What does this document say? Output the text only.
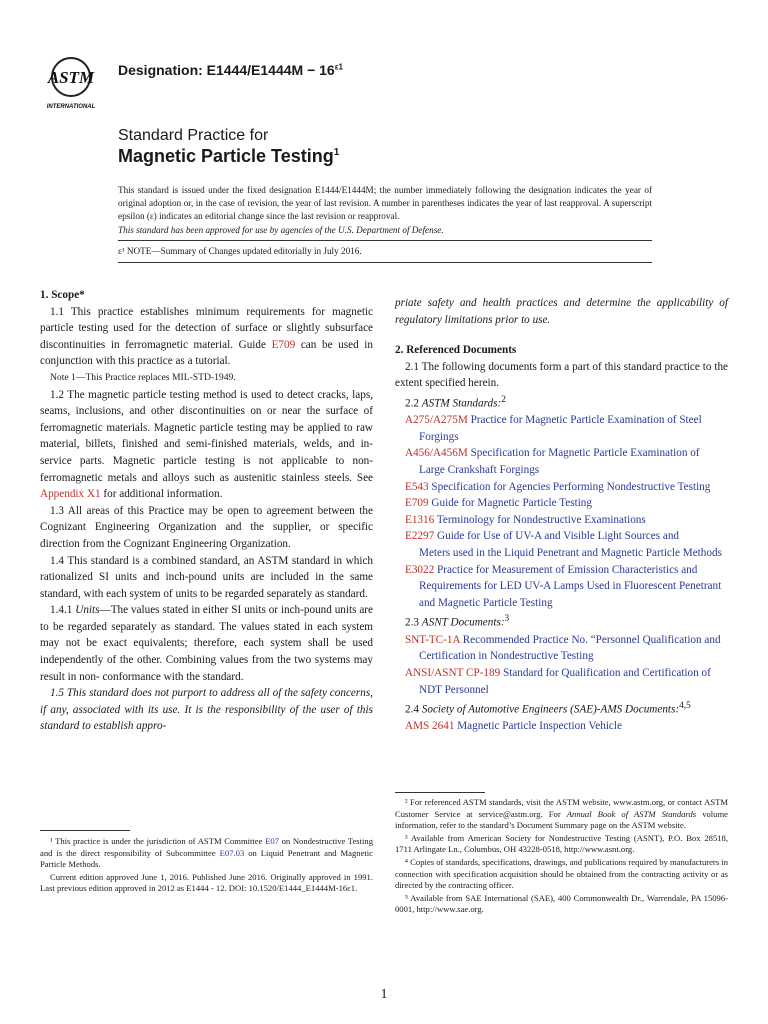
ASTM
INTERNATIONAL
Designation: $E1444/E1444M - 16^{\varepsilon 1}$
Standard Practice for
Magnetic Particle Testing$^1$
This standard is issued under the fixed designation E1444/E1444M; the number immediately following the designation indicates the year of original adoption or, in the case of revision, the year of last revision. A number in parentheses indicates the year of last reapproval. A superscript epsilon (ε) indicates an editorial change since the last revision or reapproval.
This standard has been approved for use by agencies of the U.S. Department of Defense.
ε¹ NOTE—Summary of Changes updated editorially in July 2016.

1. Scope*

1.1 This practice establishes minimum requirements for magnetic particle testing used for the detection of surface or slightly subsurface discontinuities in ferromagnetic material. Guide E709 can be used in conjunction with this practice as a tutorial.

Note 1—This Practice replaces MIL-STD-1949.

1.2 The magnetic particle testing method is used to detect cracks, laps, seams, inclusions, and other discontinuities on or near the surface of ferromagnetic materials. Magnetic particle testing may be applied to raw material, billets, finished and semi-finished materials, welds, and in-service parts. Magnetic particle testing is not applicable to non-ferromagnetic metals and alloys such as austenitic stainless steels. See Appendix X1 for additional information.

1.3 All areas of this Practice may be open to agreement between the Cognizant Engineering Organization and the supplier, or specific direction from the Cognizant Engineering Organization.

1.4 This standard is a combined standard, an ASTM standard in which rationalized SI units and inch-pound units are included in the same standard, with each system of units to be regarded separately as standard.

1.4.1 Units—The values stated in either SI units or inch-pound units are to be regarded separately as standard. The values stated in each system may not be exact equivalents; therefore, each system shall be used independently of the other. Combining values from the two systems may result in non- conformance with the standard.

1.5 This standard does not purport to address all of the safety concerns, if any, associated with its use. It is the responsibility of the user of this standard to establish appro-

priate safety and health practices and determine the applicability of regulatory limitations prior to use.

2. Referenced Documents

2.1 The following documents form a part of this standard practice to the extent specified herein.

2.2 ASTM Standards:$^2$

A275/A275M Practice for Magnetic Particle Examination of Steel Forgings

A456/A456M Specification for Magnetic Particle Examination of Large Crankshaft Forgings

E543 Specification for Agencies Performing Nondestructive Testing

E709 Guide for Magnetic Particle Testing

E1316 Terminology for Nondestructive Examinations

E2297 Guide for Use of UV-A and Visible Light Sources and

Meters used in the Liquid Penetrant and Magnetic Particle Methods

E3022 Practice for Measurement of Emission Characteristics and Requirements for LED UV-A Lamps Used in Fluorescent Penetrant and Magnetic Particle Testing

2.3 ASNT Documents:$^3$

SNT-TC-1A Recommended Practice No. “Personnel Qualification and Certification in Nondestructive Testing

ANSI/ASNT CP-189 Standard for Qualification and Certification of NDT Personnel

2.4 Society of Automotive Engineers (SAE)-AMS Documents:$^{4,5}$

AMS 2641 Magnetic Particle Inspection Vehicle

¹ This practice is under the jurisdiction of ASTM Committee E07 on Nondestructive Testing and is the direct responsibility of Subcommittee E07.03 on Liquid Penetrant and Magnetic Particle Methods.

Current edition approved June 1, 2016. Published June 2016. Originally approved in 1991. Last previous edition approved in 2012 as E1444 - 12. DOI: 10.1520/E1444_E1444M-16ε1.

² For referenced ASTM standards, visit the ASTM website, www.astm.org, or contact ASTM Customer Service at service@astm.org. For Annual Book of ASTM Standards volume information, refer to the standard’s Document Summary page on the ASTM website.

³ Available from American Society for Nondestructive Testing (ASNT), P.O. Box 28518, 1711 Arlingate Ln., Columbus, OH 43228-0518, http://www.asnt.org.

⁴ Copies of standards, specifications, drawings, and publications required by manufacturers in connection with specification acquisition should be obtained from the contracting activity or as directed by the contracting officer.

⁵ Available from SAE International (SAE), 400 Commonwealth Dr., Warrendale, PA 15096-0001, http://www.sae.org.

1
